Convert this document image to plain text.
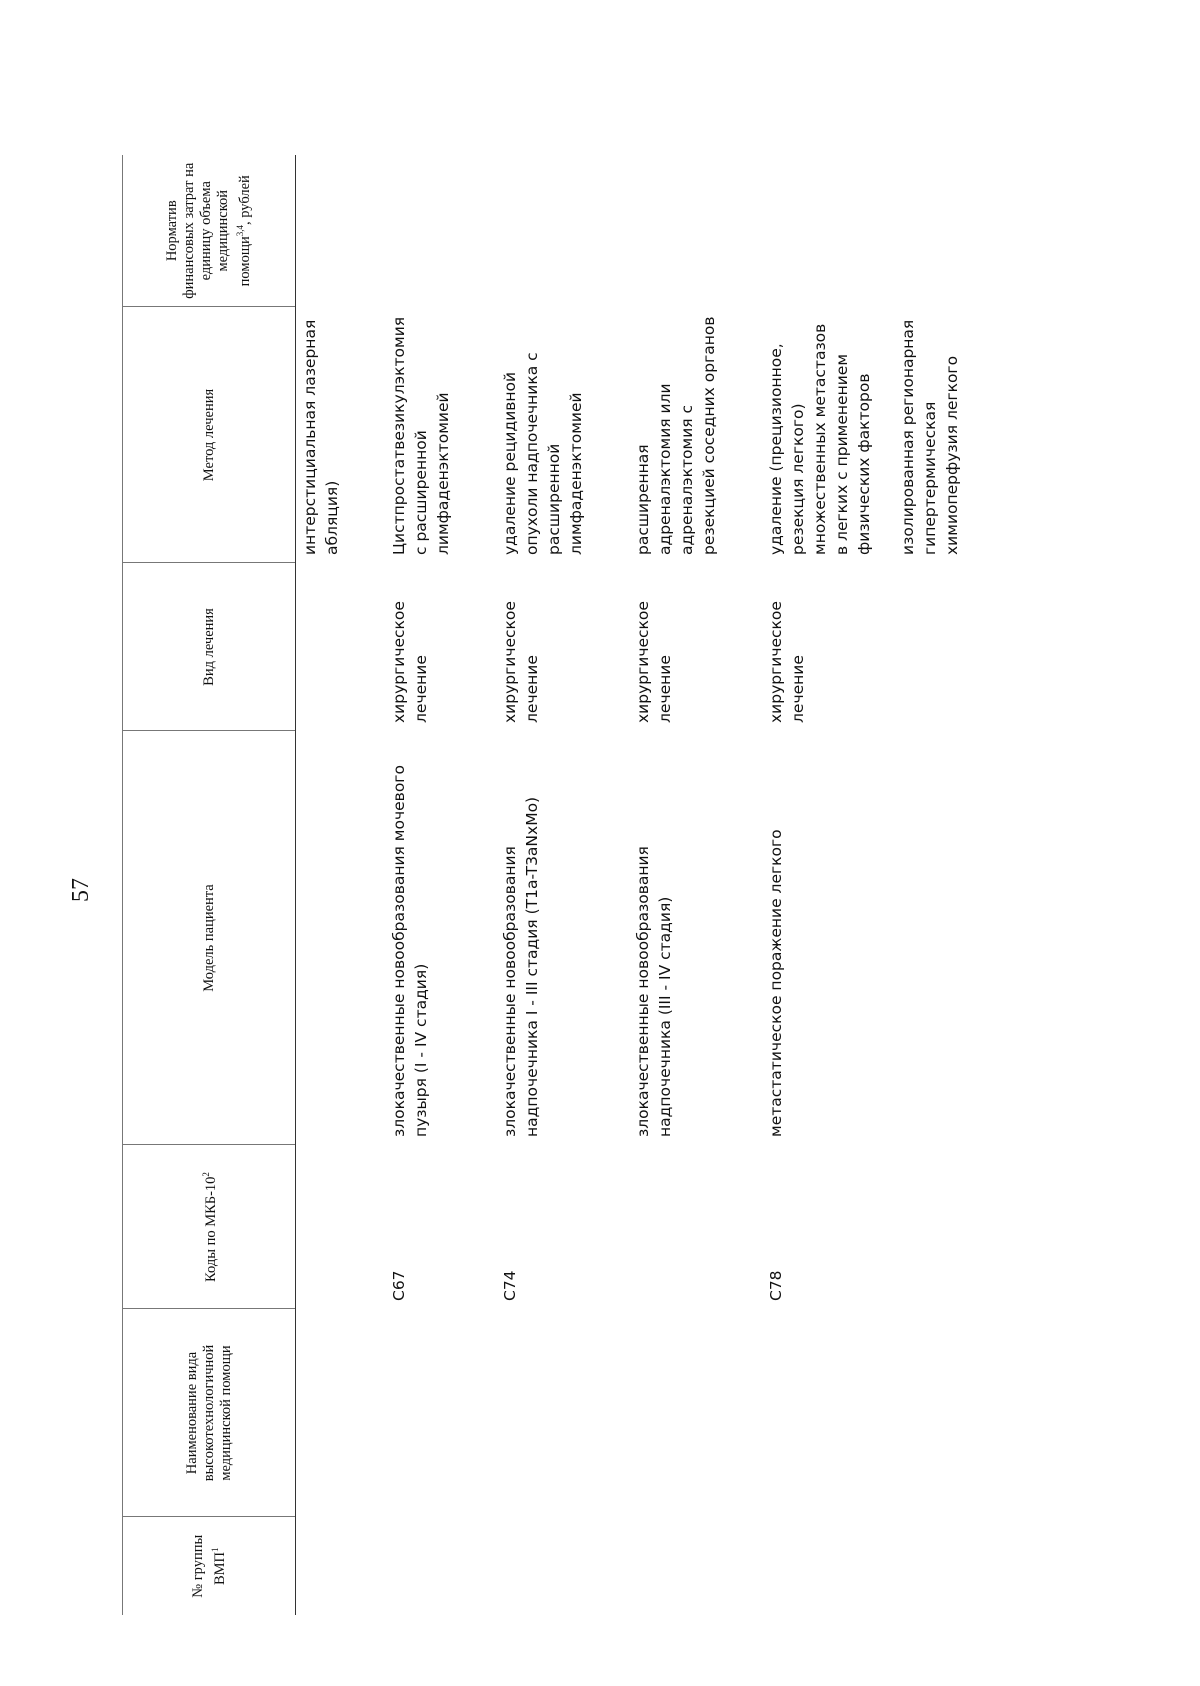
57
№ группы ВМП$^1$	Наименование вида высокотехнологичной медицинской помощи	Коды по МКБ-$10^2$	Модель пациента	Вид лечения	Метод лечения	Норматив финансовых затрат на единицу объема медицинской помощи$^{3,4}$, рублей

					интерстициальная лазерная абляция)	

		C67	злокачественные новообразования мочевого пузыря (I - IV стадия)	хирургическое лечение	Цистпростатвезикулэктомия с расширенной лимфаденэктомией	

		C74	злокачественные новообразования надпочечника I - III стадия (T1a-T3aNxMo)	хирургическое лечение	удаление рецидивной опухоли надпочечника с расширенной лимфаденэктомией	

			злокачественные новообразования надпочечника (III - IV стадия)	хирургическое лечение	расширенная адреналэктомия или адреналэктомия с резекцией соседних органов	

		C78	метастатическое поражение легкого	хирургическое лечение	удаление (прецизионное, резекция легкого) множественных метастазов в легких с применением физических факторов изолированная регионарная гипертермическая химиоперфузия легкого	
